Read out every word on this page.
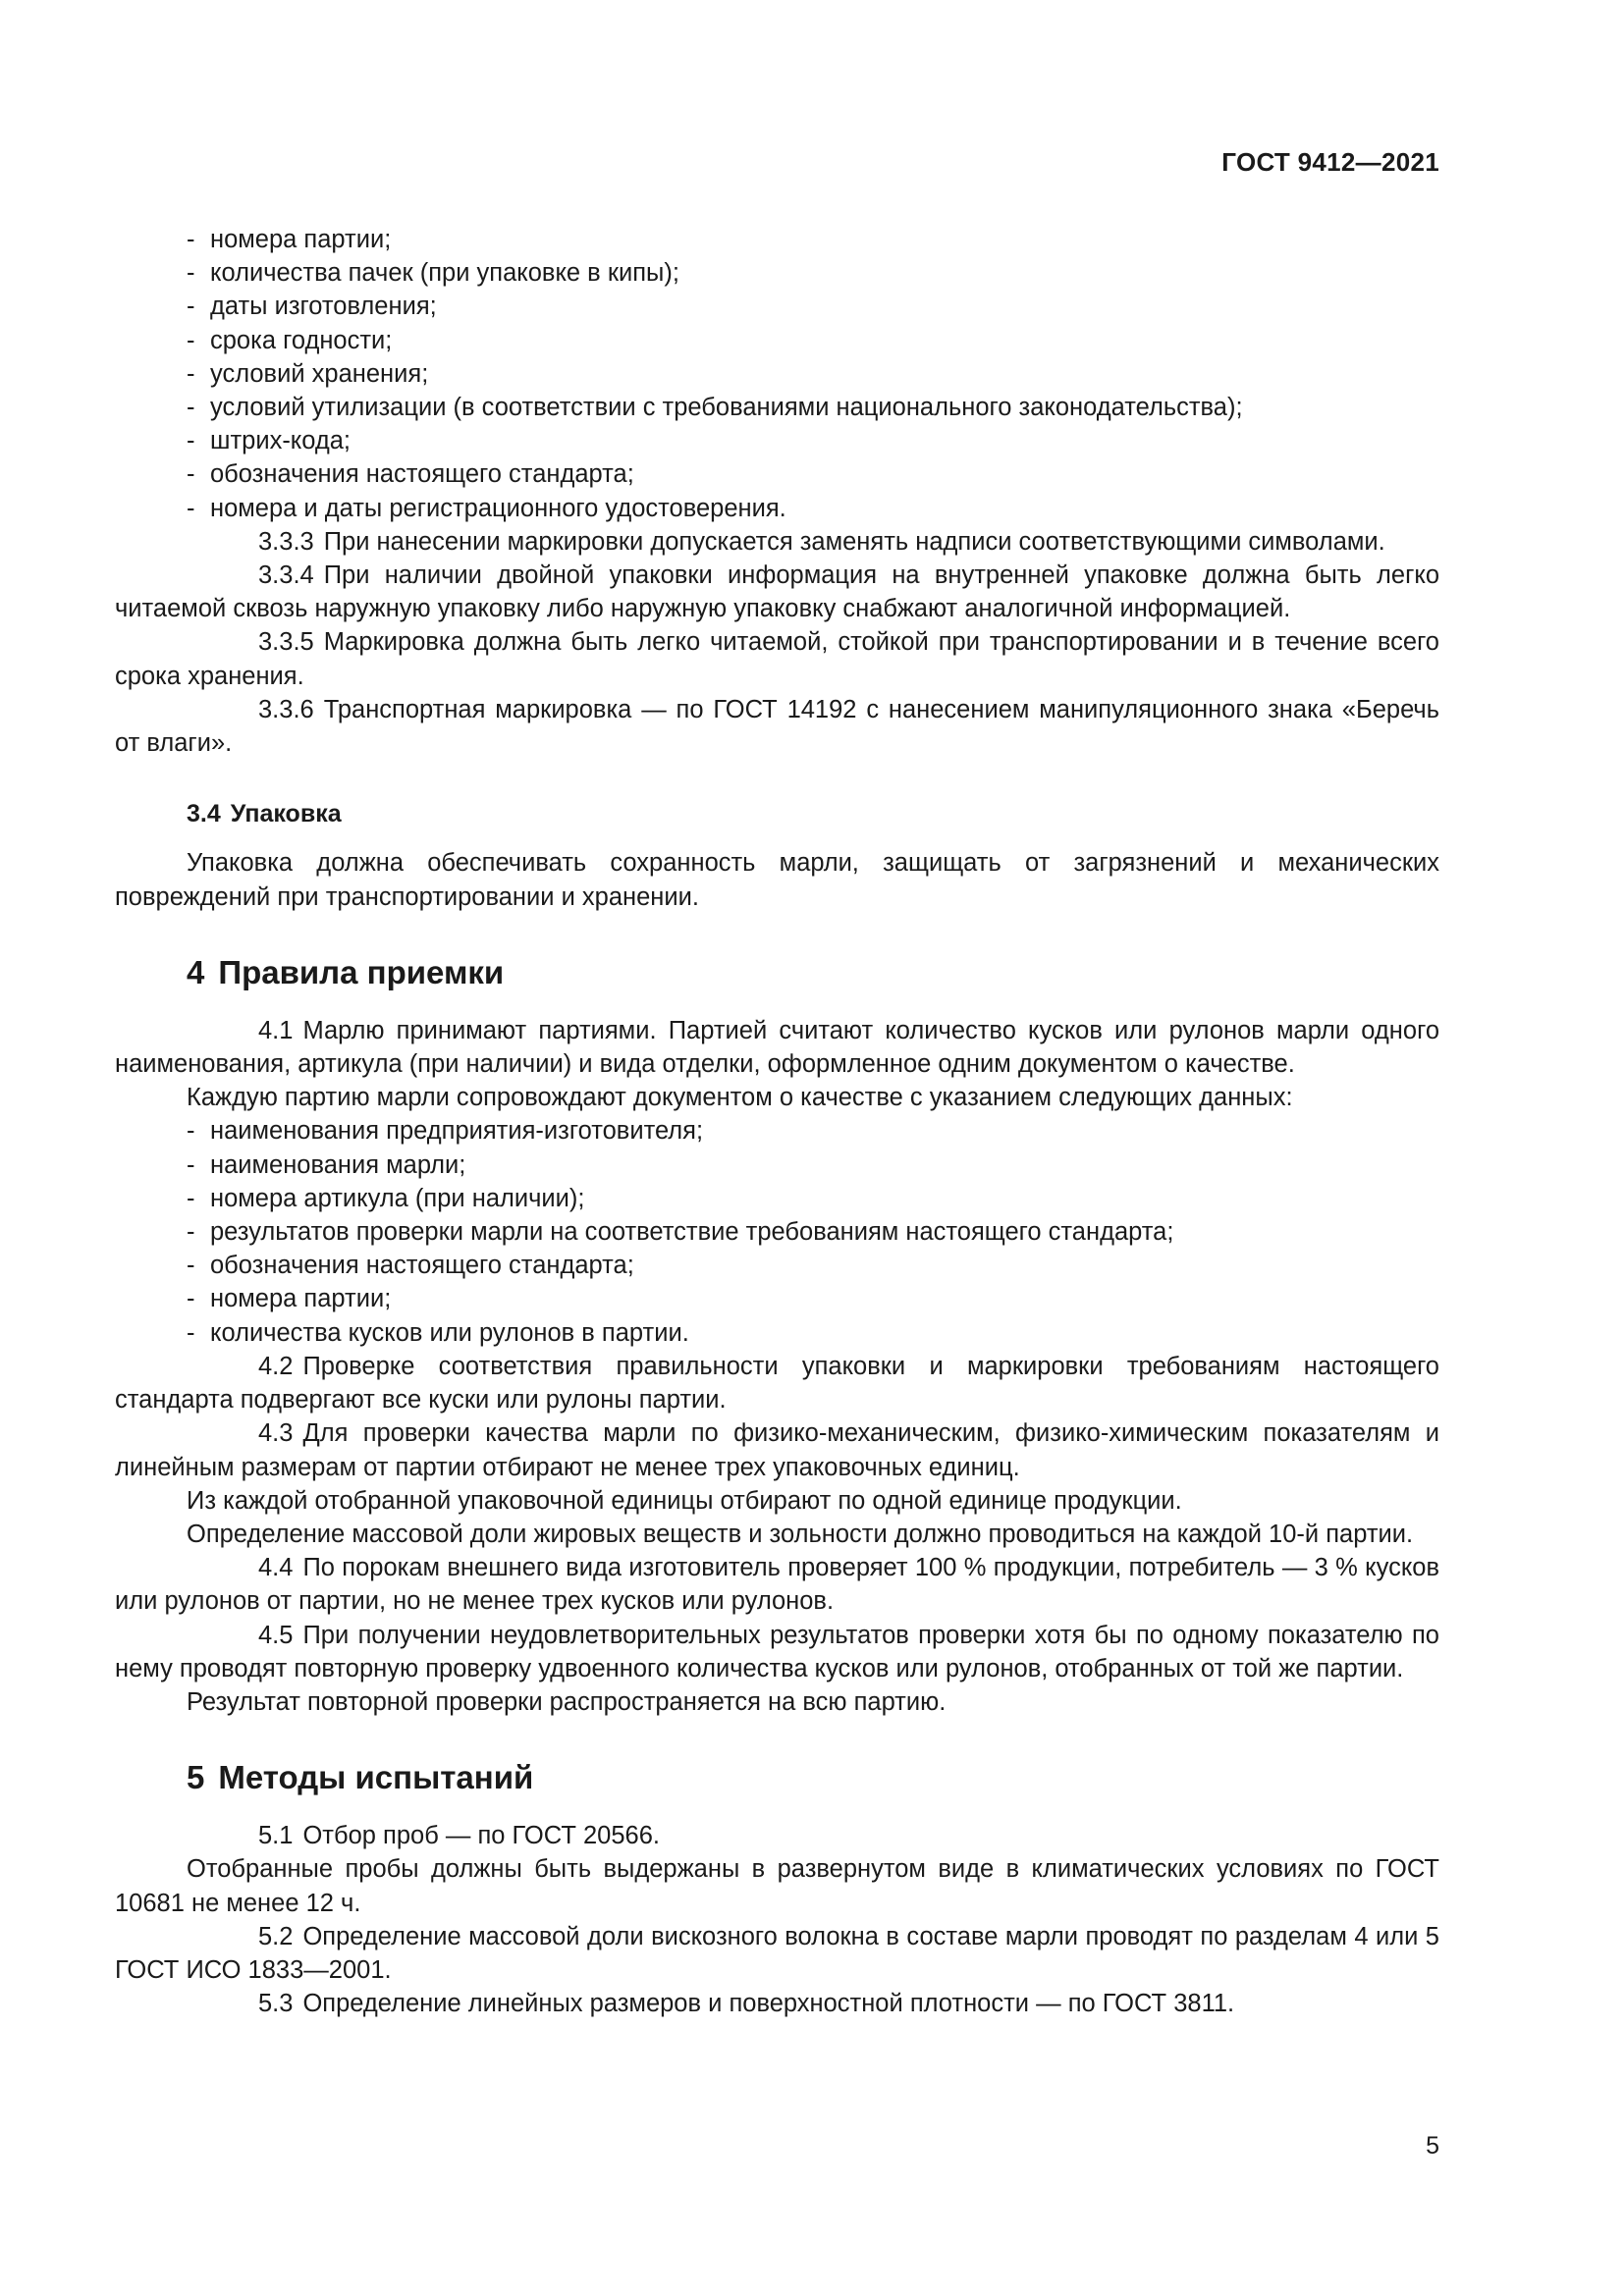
ГОСТ 9412—2021

- номера партии;

- количества пачек (при упаковке в кипы);

- даты изготовления;

- срока годности;

- условий хранения;

- условий утилизации (в соответствии с требованиями национального законодательства);

- штрих-кода;

- обозначения настоящего стандарта;

- номера и даты регистрационного удостоверения.

3.3.3 При нанесении маркировки допускается заменять надписи соответствующими символами.

3.3.4 При наличии двойной упаковки информация на внутренней упаковке должна быть легко читаемой сквозь наружную упаковку либо наружную упаковку снабжают аналогичной информацией.

3.3.5 Маркировка должна быть легко читаемой, стойкой при транспортировании и в течение всего срока хранения.

3.3.6 Транспортная маркировка — по ГОСТ 14192 с нанесением манипуляционного знака «Беречь от влаги».

3.4 Упаковка

Упаковка должна обеспечивать сохранность марли, защищать от загрязнений и механических повреждений при транспортировании и хранении.

4 Правила приемки

4.1 Марлю принимают партиями. Партией считают количество кусков или рулонов марли одного наименования, артикула (при наличии) и вида отделки, оформленное одним документом о качестве.

Каждую партию марли сопровождают документом о качестве с указанием следующих данных:

- наименования предприятия-изготовителя;

- наименования марли;

- номера артикула (при наличии);

- результатов проверки марли на соответствие требованиям настоящего стандарта;

- обозначения настоящего стандарта;

- номера партии;

- количества кусков или рулонов в партии.

4.2 Проверке соответствия правильности упаковки и маркировки требованиям настоящего стандарта подвергают все куски или рулоны партии.

4.3 Для проверки качества марли по физико-механическим, физико-химическим показателям и линейным размерам от партии отбирают не менее трех упаковочных единиц.

Из каждой отобранной упаковочной единицы отбирают по одной единице продукции.

Определение массовой доли жировых веществ и зольности должно проводиться на каждой 10-й партии.

4.4 По порокам внешнего вида изготовитель проверяет 100 % продукции, потребитель — 3 % кусков или рулонов от партии, но не менее трех кусков или рулонов.

4.5 При получении неудовлетворительных результатов проверки хотя бы по одному показателю по нему проводят повторную проверку удвоенного количества кусков или рулонов, отобранных от той же партии.

Результат повторной проверки распространяется на всю партию.

5 Методы испытаний

5.1 Отбор проб — по ГОСТ 20566.

Отобранные пробы должны быть выдержаны в развернутом виде в климатических условиях по ГОСТ 10681 не менее 12 ч.

5.2 Определение массовой доли вискозного волокна в составе марли проводят по разделам 4 или 5 ГОСТ ИСО 1833—2001.

5.3 Определение линейных размеров и поверхностной плотности — по ГОСТ 3811.

5
